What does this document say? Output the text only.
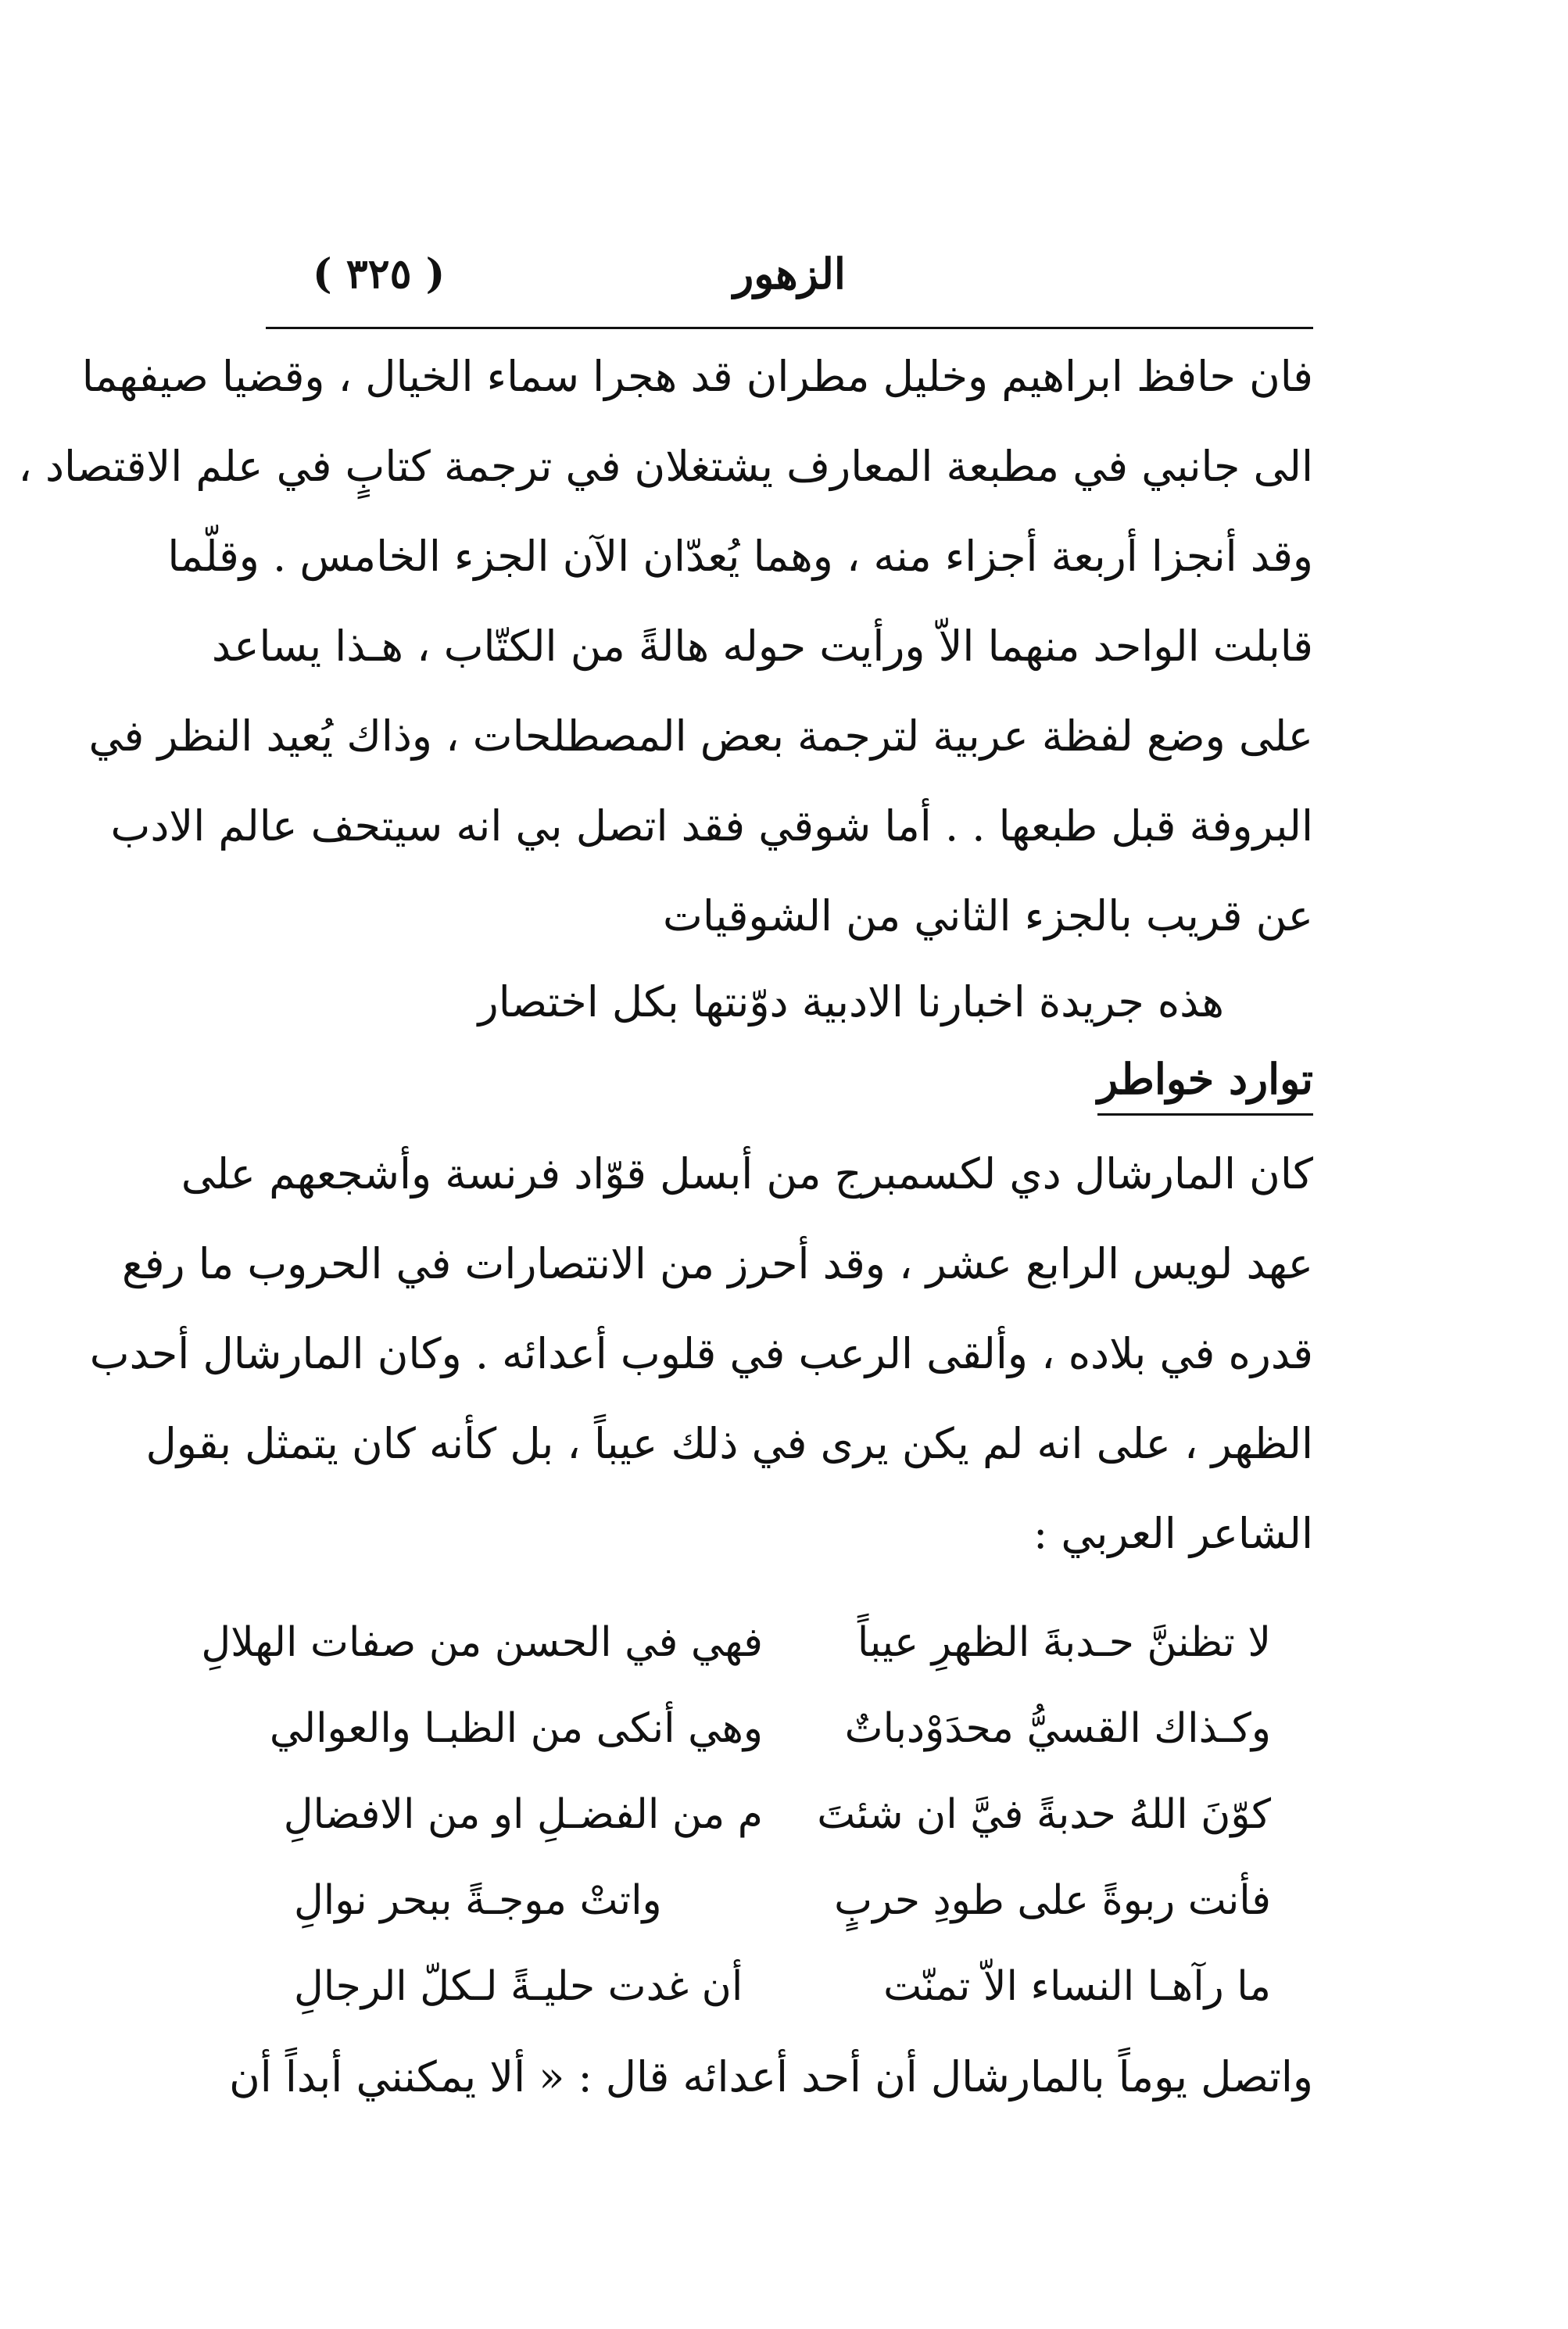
( ٣٢٥ )	الزهور
فان حافظ ابراهيم وخليل مطران قد هجرا سماء الخيال ، وقضيا صيفهما
الى جانبي في مطبعة المعارف يشتغلان في ترجمة كتابٍ في علم الاقتصاد ،
وقد أنجزا أربعة أجزاء منه ، وهما يُعدّان الآن الجزء الخامس . وقلّما
قابلت الواحد منهما الاّ ورأيت حوله هالةً من الكتّاب ، هـذا يساعد
على وضع لفظة عربية لترجمة بعض المصطلحات ، وذاك يُعيد النظر في
البروفة قبل طبعها . . أما شوقي فقد اتصل بي انه سيتحف عالم الادب
عن قريب بالجزء الثاني من الشوقيات
هذه جريدة اخبارنا الادبية دوّنتها بكل اختصار
توارد خواطر
كان المارشال دي لكسمبرج من أبسل قوّاد فرنسة وأشجعهم على
عهد لويس الرابع عشر ، وقد أحرز من الانتصارات في الحروب ما رفع
قدره في بلاده ، وألقى الرعب في قلوب أعدائه . وكان المارشال أحدب
الظهر ، على انه لم يكن يرى في ذلك عيباً ، بل كأنه كان يتمثل بقول
الشاعر العربي :
لا تظننَّ حـدبةَ الظهرِ عيباً
فهي في الحسن من صفات الهلالِ
وكـذاك القسيُّ محدَوْدباتٌ
وهي أنكى من الظبـا والعوالي
كوّنَ اللهُ حدبةً فيَّ ان شئتَ
م من الفضـلِ او من الافضالِ
فأنت ربوةً على طودِ حربٍ
واتتْ موجـةً ببحر نوالِ
ما رآهـا النساء الاّ تمنّت
أن غدت حليـةً لـكلّ الرجالِ
واتصل يوماً بالمارشال أن أحد أعدائه قال : « ألا يمكنني أبداً أن
